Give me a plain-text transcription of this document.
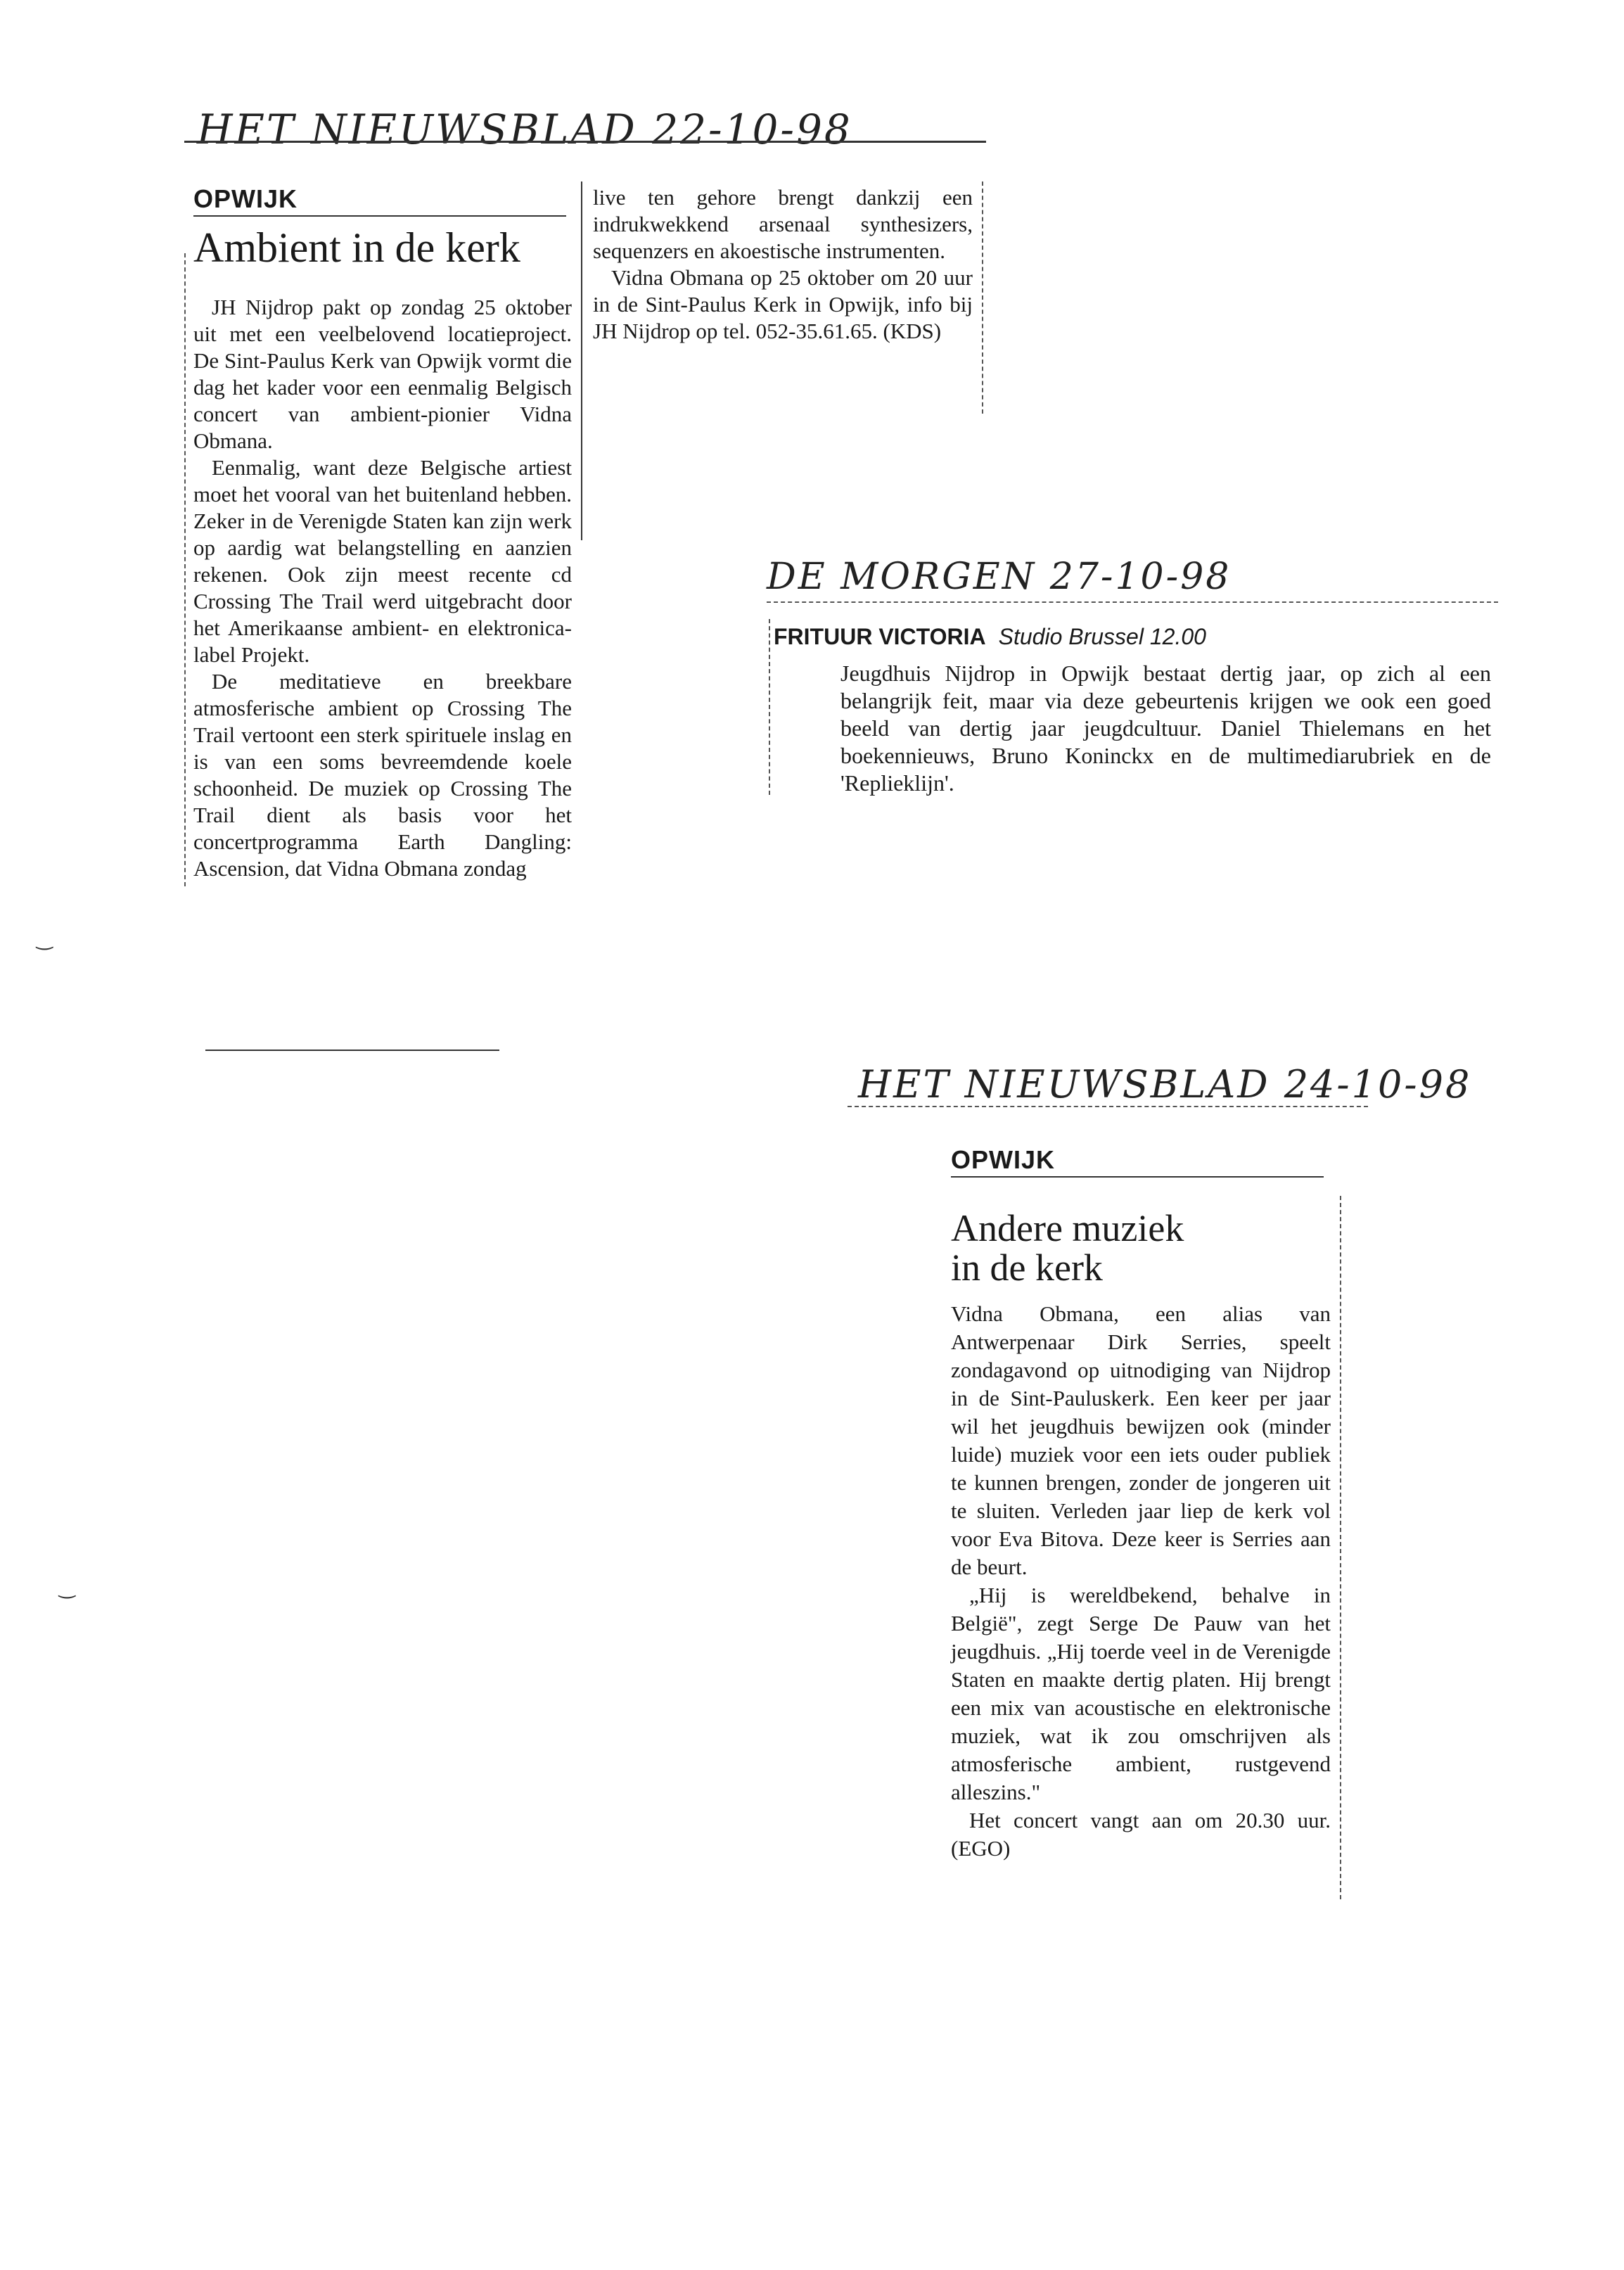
HET NIEUWSBLAD 22-10-98
OPWIJK
Ambient in de kerk

JH Nijdrop pakt op zondag 25 oktober uit met een veelbelovend locatieproject. De Sint-Paulus Kerk van Opwijk vormt die dag het kader voor een eenmalig Belgisch concert van ambient-pionier Vidna Obmana.

Eenmalig, want deze Belgische artiest moet het vooral van het buitenland hebben. Zeker in de Verenigde Staten kan zijn werk op aardig wat belangstelling en aanzien rekenen. Ook zijn meest recente cd Crossing The Trail werd uitgebracht door het Amerikaanse ambient- en elektronica-label Projekt.

De meditatieve en breekbare atmosferische ambient op Crossing The Trail vertoont een sterk spirituele inslag en is van een soms bevreemdende koele schoonheid. De muziek op Crossing The Trail dient als basis voor het concertprogramma Earth Dangling: Ascension, dat Vidna Obmana zondag

live ten gehore brengt dankzij een indrukwekkend arsenaal synthesizers, sequenzers en akoestische instrumenten.

Vidna Obmana op 25 oktober om 20 uur in de Sint-Paulus Kerk in Opwijk, info bij JH Nijdrop op tel. 052-35.61.65. (KDS)

DE MORGEN 27-10-98
FRITUUR VICTORIA Studio Brussel 12.00

Jeugdhuis Nijdrop in Opwijk bestaat dertig jaar, op zich al een belangrijk feit, maar via deze gebeurtenis krijgen we ook een goed beeld van dertig jaar jeugdcultuur. Daniel Thielemans en het boekennieuws, Bruno Koninckx en de multimediarubriek en de 'Replieklijn'.

HET NIEUWSBLAD 24-10-98
OPWIJK
Andere muziek
in de kerk

Vidna Obmana, een alias van Antwerpenaar Dirk Serries, speelt zondagavond op uitnodiging van Nijdrop in de Sint-Pauluskerk. Een keer per jaar wil het jeugdhuis bewijzen ook (minder luide) muziek voor een iets ouder publiek te kunnen brengen, zonder de jongeren uit te sluiten. Verleden jaar liep de kerk vol voor Eva Bitova. Deze keer is Serries aan de beurt.

„Hij is wereldbekend, behalve in België", zegt Serge De Pauw van het jeugdhuis. „Hij toerde veel in de Verenigde Staten en maakte dertig platen. Hij brengt een mix van acoustische en elektronische muziek, wat ik zou omschrijven als atmosferische ambient, rustgevend alleszins."

Het concert vangt aan om 20.30 uur. (EGO)

‿
‿
